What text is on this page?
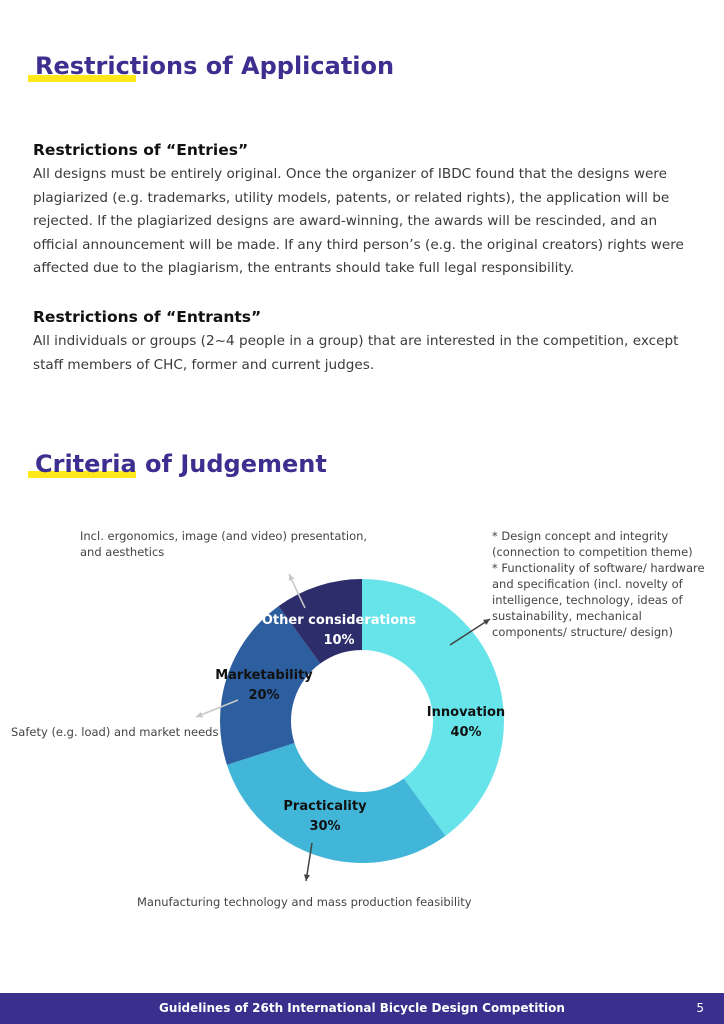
Restrictions of Application
Restrictions of “Entries”

All designs must be entirely original. Once the organizer of IBDC found that the designs were plagiarized (e.g. trademarks, utility models, patents, or related rights), the application will be rejected. If the plagiarized designs are award-winning, the awards will be rescinded, and an official announcement will be made. If any third person’s (e.g. the original creators) rights were affected due to the plagiarism, the entrants should take full legal responsibility.

Restrictions of “Entrants”

All individuals or groups (2~4 people in a group) that are interested in the competition, except staff members of CHC, former and current judges.

Criteria of Judgement

Incl. ergonomics, image (and video) presentation, and aesthetics

* Design concept and integrity (connection to competition theme)
* Functionality of software/ hardware and specification (incl. novelty of intelligence, technology, ideas of sustainability, mechanical components/ structure/ design)

Safety (e.g. load) and market needs

Manufacturing technology and mass production feasibility

Innovation
40%
Practicality
30%
Marketability
20%
Other considerations
10%
Guidelines of 26th International Bicycle Design Competition	5
